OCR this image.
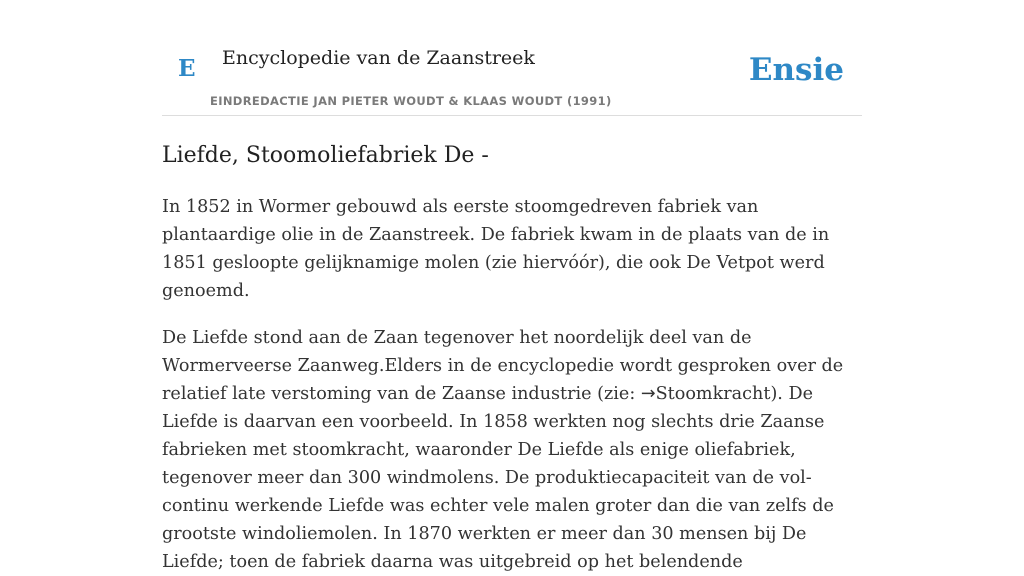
E Encyclopedie van de Zaanstreek
EINDREDACTIE JAN PIETER WOUDT & KLAAS WOUDT (1991)
Ensie
Liefde, Stoomoliefabriek De -

In 1852 in Wormer gebouwd als eerste stoomgedreven fabriek van plantaardige olie in de Zaanstreek. De fabriek kwam in de plaats van de in 1851 gesloopte gelijknamige molen (zie hiervóór), die ook De Vetpot werd genoemd.

De Liefde stond aan de Zaan tegenover het noordelijk deel van de Wormerveerse Zaanweg.Elders in de encyclopedie wordt gesproken over de relatief late verstoming van de Zaanse industrie (zie: →Stoomkracht). De Liefde is daarvan een voorbeeld. In 1858 werkten nog slechts drie Zaanse fabrieken met stoomkracht, waaronder De Liefde als enige oliefabriek, tegenover meer dan 300 windmolens. De produktiecapaciteit van de vol-continu werkende Liefde was echter vele malen groter dan die van zelfs de grootste windoliemolen. In 1870 werkten er meer dan 30 mensen bij De Liefde; toen de fabriek daarna was uitgebreid op het belendende
